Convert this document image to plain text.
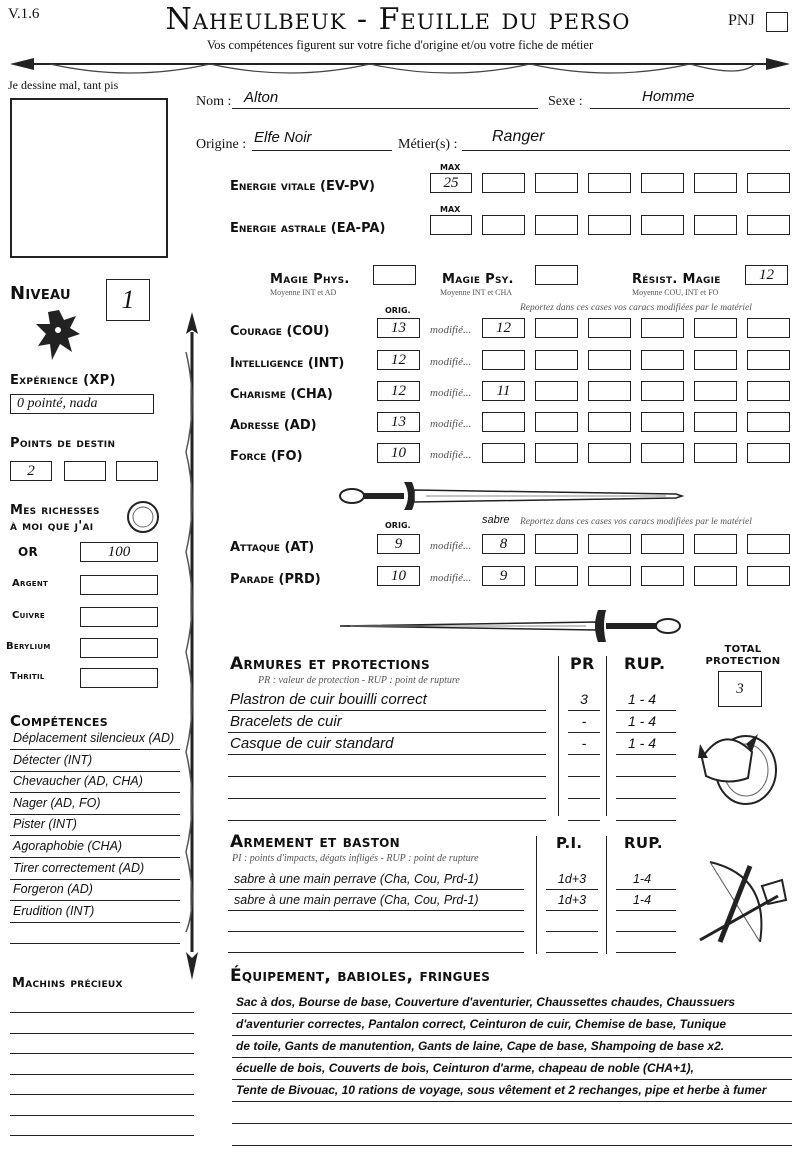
V.1.6	Naheulbeuk - Feuille du perso	PNJ
Vos compétences figurent sur votre fiche d'origine et/ou votre fiche de métier
Je dessine mal, tant pis
Nom : Alton	Sexe :	Homme
Origine : Elfe Noir	Métier(s) : Ranger
MAX
Energie vitale (EV-PV)	25
MAX
Energie astrale (EA-PA)
Magie Phys.
Moyenne INT et AD
Magie Psy.
Moyenne INT et CHA
Résist. Magie
Moyenne COU, INT et FO
12
Niveau	1
Expérience (XP)
0 pointé, nada
Points de destin
2
Mes richesses
à moi que j'ai
OR	100
Argent
Cuivre
Berylium
Thritil
ORIG.	Reportez dans ces cases vos caracs modifiées par le matériel
Courage (COU)	13	modifié...	12
Intelligence (INT)	12	modifié...
Charisme (CHA)	12	modifié...	11
Adresse (AD)	13	modifié...
Force (FO)	10	modifié...
ORIG.	sabre Reportez dans ces cases vos caracs modifiées par le matériel
Attaque (AT)	9	modifié...	8
Parade (PRD)	10	modifié...	9
Armures et protections
PR : valeur de protection - RUP : point de rupture
PR RUP.
TOTAL PROTECTION
3
Plastron de cuir bouilli correct	3	1 - 4
Bracelets de cuir	-	1 - 4
Casque de cuir standard	-	1 - 4
Armement et baston
PI : points d'impacts, dégats infligés - RUP : point de rupture
P.I.	RUP.
sabre à une main perrave (Cha, Cou, Prd-1)	1d+3	1-4
sabre à une main perrave (Cha, Cou, Prd-1)	1d+3	1-4
Compétences
Déplacement silencieux (AD)
Détecter (INT)
Chevaucher (AD, CHA)
Nager (AD, FO)
Pister (INT)
Agoraphobie (CHA)
Tirer correctement (AD)
Forgeron (AD)
Erudition (INT)
Machins précieux	Équipement, babioles, fringues
Sac à dos, Bourse de base, Couverture d'aventurier, Chaussettes chaudes, Chaussuers
d'aventurier correctes, Pantalon correct, Ceinturon de cuir, Chemise de base, Tunique
de toile, Gants de manutention, Gants de laine, Cape de base, Shampoing de base x2.
écuelle de bois, Couverts de bois, Ceinturon d'arme, chapeau de noble (CHA+1),
Tente de Bivouac, 10 rations de voyage, sous vêtement et 2 rechanges, pipe et herbe à fumer
